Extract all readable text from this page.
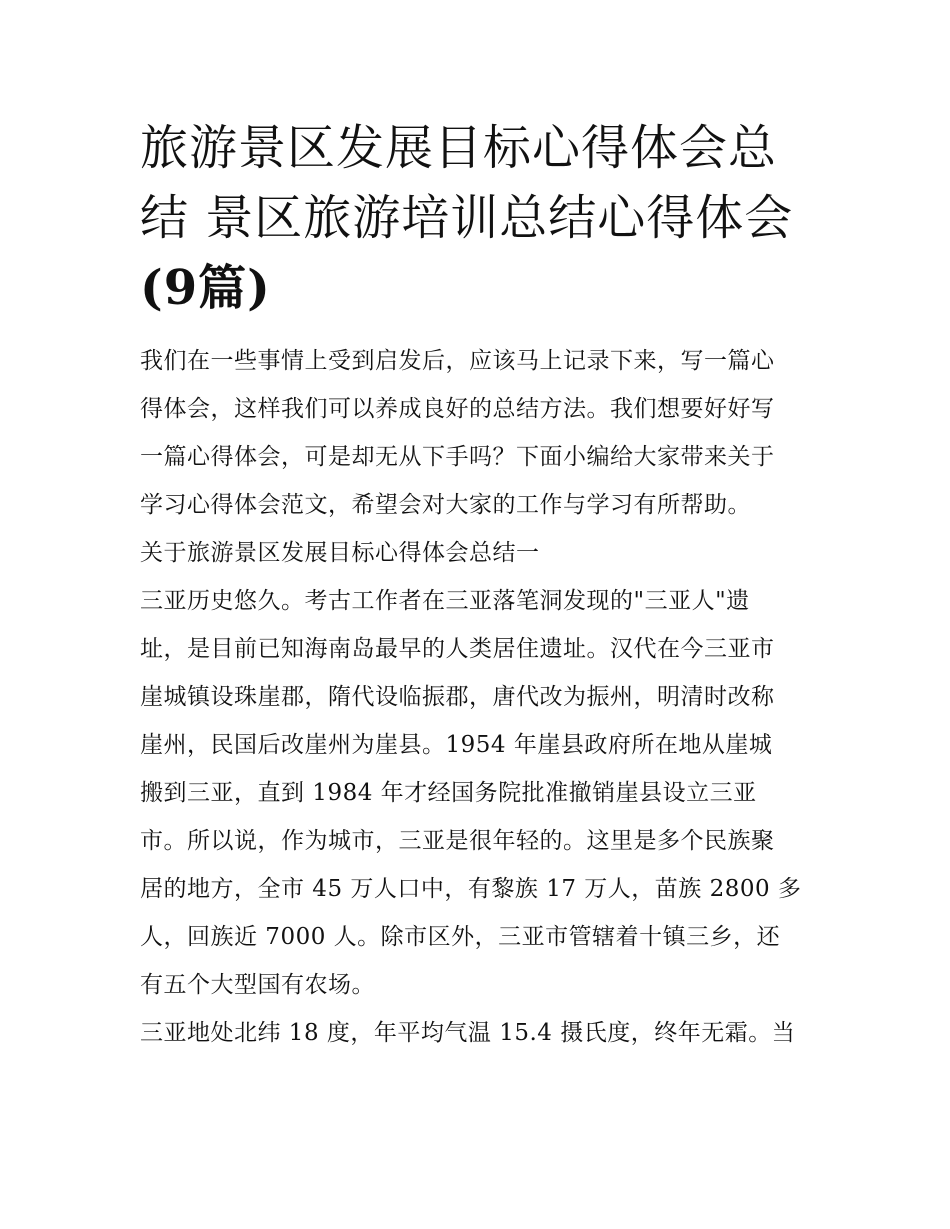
旅游景区发展目标心得体会总
结 景区旅游培训总结心得体会
(9篇)

我们在一些事情上受到启发后，应该马上记录下来，写一篇心
得体会，这样我们可以养成良好的总结方法。我们想要好好写
一篇心得体会，可是却无从下手吗？下面小编给大家带来关于
学习心得体会范文，希望会对大家的工作与学习有所帮助。

关于旅游景区发展目标心得体会总结一

三亚历史悠久。考古工作者在三亚落笔洞发现的"三亚人"遗
址，是目前已知海南岛最早的人类居住遗址。汉代在今三亚市
崖城镇设珠崖郡，隋代设临振郡，唐代改为振州，明清时改称
崖州，民国后改崖州为崖县。1954 年崖县政府所在地从崖城
搬到三亚，直到 1984 年才经国务院批准撤销崖县设立三亚
市。所以说，作为城市，三亚是很年轻的。这里是多个民族聚
居的地方，全市 45 万人口中，有黎族 17 万人，苗族 2800 多
人，回族近 7000 人。除市区外，三亚市管辖着十镇三乡，还
有五个大型国有农场。

三亚地处北纬 18 度，年平均气温 15.4 摄氏度，终年无霜。当
